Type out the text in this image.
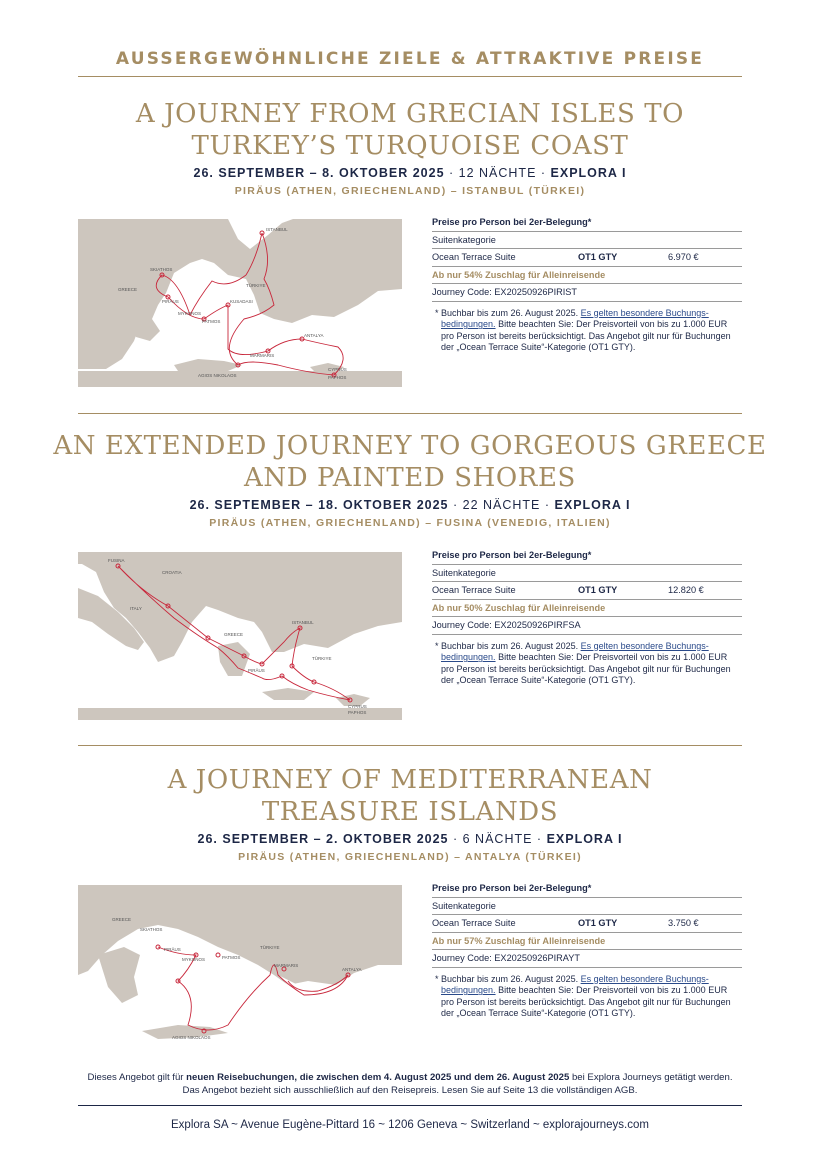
AUSSERGEWÖHNLICHE ZIELE & ATTRAKTIVE PREISE
A JOURNEY FROM GRECIAN ISLES TO
TURKEY’S TURQUOISE COAST
26. SEPTEMBER – 8. OKTOBER 2025 · 12 NÄCHTE · EXPLORA I
PIRÄUS (ATHEN, GRIECHENLAND) – ISTANBUL (TÜRKEI)
ISTANBUL
SKIATHOS
GREECE
PIRÄUS
MYKONOS
PATMOS
TÜRKIYE
KUSADASI
MARMARIS
ANTALYA
AGIOS NIKOLAOS
CYPRUS
PAPHOS
Preise pro Person bei 2er-Belegung*
Suitenkategorie
Ocean Terrace Suite	OT1 GTY	6.970 €
Ab nur 54% Zuschlag für Alleinreisende
Journey Code: EX20250926PIRIST
* Buchbar bis zum 26. August 2025. Es gelten besondere Buchungs-bedingungen. Bitte beachten Sie: Der Preisvorteil von bis zu 1.000 EUR pro Person ist bereits berücksichtigt. Das Angebot gilt nur für Buchungen der „Ocean Terrace Suite“-Kategorie (OT1 GTY).
AN EXTENDED JOURNEY TO GORGEOUS GREECE
AND PAINTED SHORES
26. SEPTEMBER – 18. OKTOBER 2025 · 22 NÄCHTE · EXPLORA I
PIRÄUS (ATHEN, GRIECHENLAND) – FUSINA (VENEDIG, ITALIEN)
FUSINA
CROATIA
ITALY
GREECE
ISTANBUL
TÜRKIYE
PIRÄUS
CYPRUS
PAPHOS
Preise pro Person bei 2er-Belegung*
Suitenkategorie
Ocean Terrace Suite	OT1 GTY	12.820 €
Ab nur 50% Zuschlag für Alleinreisende
Journey Code: EX20250926PIRFSA
* Buchbar bis zum 26. August 2025. Es gelten besondere Buchungs-bedingungen. Bitte beachten Sie: Der Preisvorteil von bis zu 1.000 EUR pro Person ist bereits berücksichtigt. Das Angebot gilt nur für Buchungen der „Ocean Terrace Suite“-Kategorie (OT1 GTY).
A JOURNEY OF MEDITERRANEAN
TREASURE ISLANDS
26. SEPTEMBER – 2. OKTOBER 2025 · 6 NÄCHTE · EXPLORA I
PIRÄUS (ATHEN, GRIECHENLAND) – ANTALYA (TÜRKEI)
SKIATHOS
GREECE
PIRÄUS
MYKONOS	PATMOS
TÜRKIYE
MARMARIS
ANTALYA
AGIOS NIKOLAOS
Preise pro Person bei 2er-Belegung*
Suitenkategorie
Ocean Terrace Suite	OT1 GTY	3.750 €
Ab nur 57% Zuschlag für Alleinreisende
Journey Code: EX20250926PIRAYT
* Buchbar bis zum 26. August 2025. Es gelten besondere Buchungs-bedingungen. Bitte beachten Sie: Der Preisvorteil von bis zu 1.000 EUR pro Person ist bereits berücksichtigt. Das Angebot gilt nur für Buchungen der „Ocean Terrace Suite“-Kategorie (OT1 GTY).
Dieses Angebot gilt für neuen Reisebuchungen, die zwischen dem 4. August 2025 und dem 26. August 2025 bei Explora Journeys getätigt werden. Das Angebot bezieht sich ausschließlich auf den Reisepreis. Lesen Sie auf Seite 13 die vollständigen AGB.
Explora SA ~ Avenue Eugène-Pittard 16 ~ 1206 Geneva ~ Switzerland ~ explorajourneys.com
